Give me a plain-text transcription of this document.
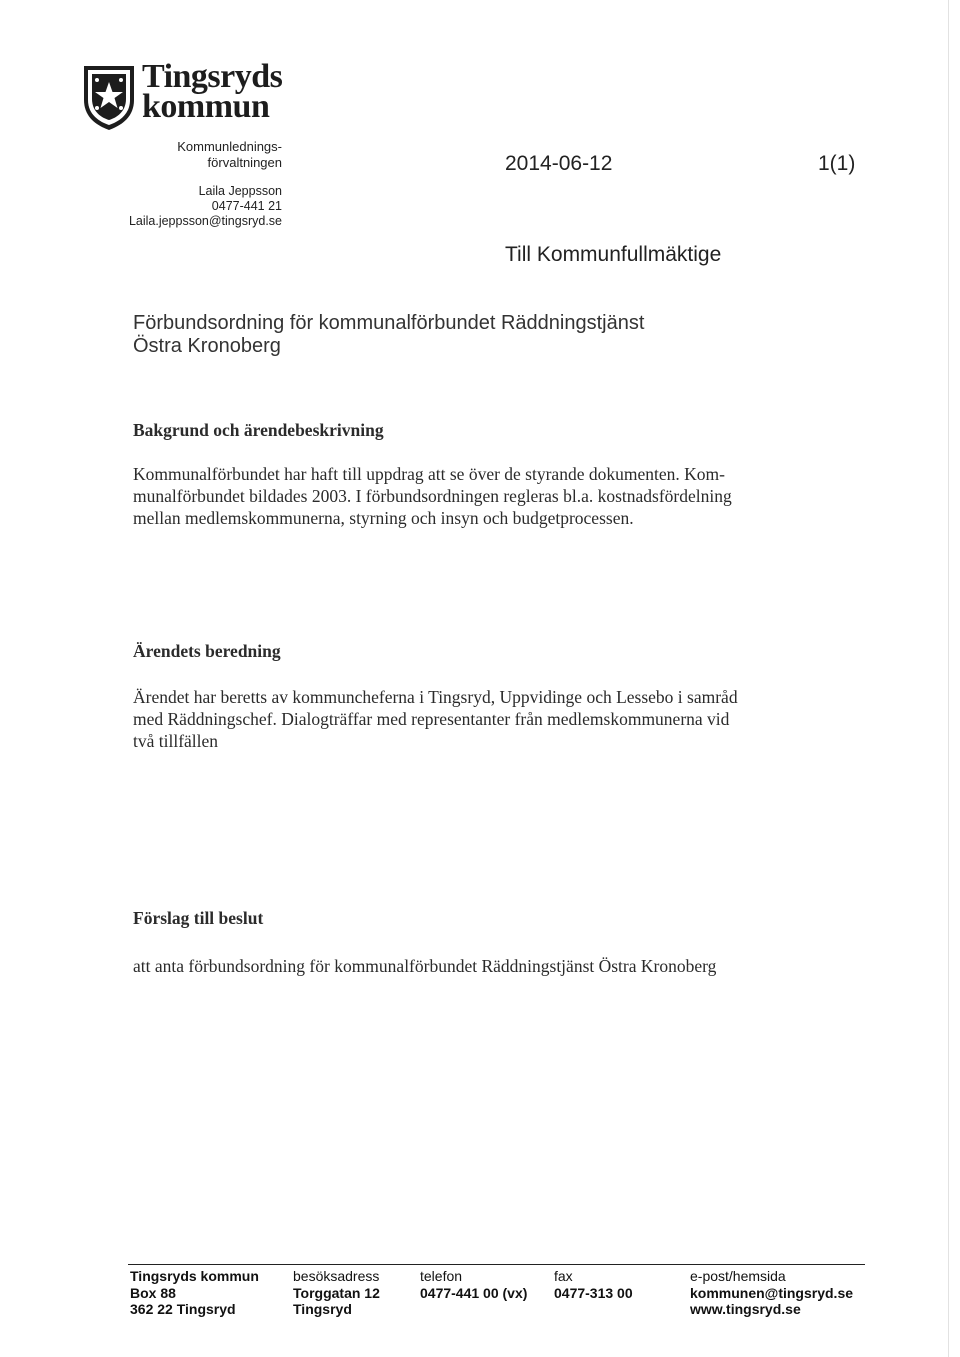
Tingsryds
kommun
Kommunlednings-
förvaltningen
Laila Jeppsson
0477-441 21
Laila.jeppsson@tingsryd.se
2014-06-12	1(1)
Till Kommunfullmäktige
Förbundsordning för kommunalförbundet Räddningstjänst
Östra Kronoberg
Bakgrund och ärendebeskrivning
Kommunalförbundet har haft till uppdrag att se över de styrande dokumenten. Kom-
munalförbundet bildades 2003. I förbundsordningen regleras bl.a. kostnadsfördelning
mellan medlemskommunerna, styrning och insyn och budgetprocessen.
Ärendets beredning
Ärendet har beretts av kommuncheferna i Tingsryd, Uppvidinge och Lessebo i samråd
med Räddningschef. Dialogträffar med representanter från medlemskommunerna vid
två tillfällen
Förslag till beslut
att anta förbundsordning för kommunalförbundet Räddningstjänst Östra Kronoberg
Tingsryds kommun
Box 88
362 22 Tingsryd
besöksadress
Torggatan 12
Tingsryd
telefon
0477-441 00 (vx)
fax
0477-313 00
e-post/hemsida
kommunen@tingsryd.se
www.tingsryd.se
